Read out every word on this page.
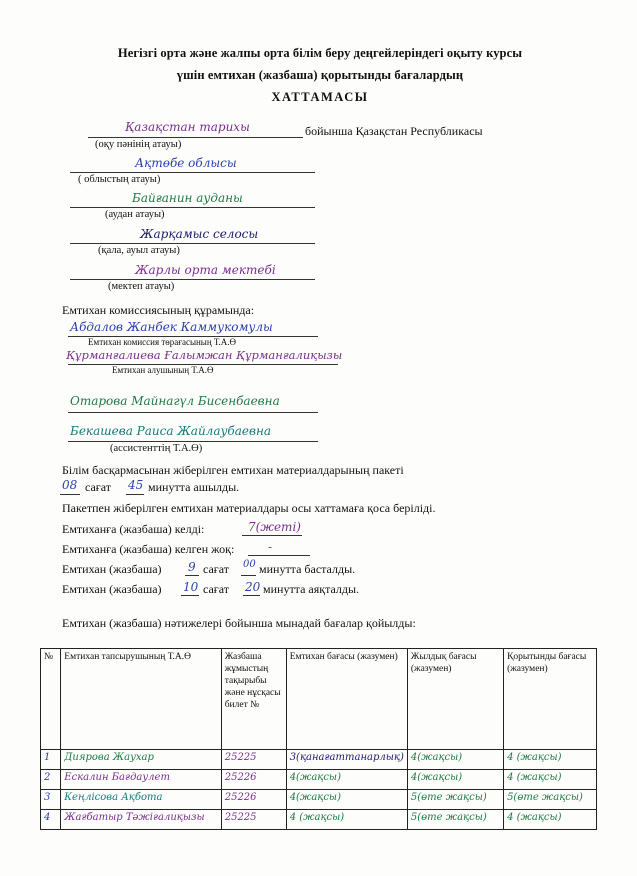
Негізгі орта және жалпы орта білім беру деңгейлеріндегі оқыту курсы
үшін емтихан (жазбаша) қорытынды бағалардың
ХАТТАМАСЫ
Қазақстан тарихы	бойынша Қазақстан Республикасы
(оқу пәнінің атауы)
Ақтөбе облысы
( облыстың атауы)
Байғанин ауданы
(аудан атауы)
Жарқамыс селосы
(қала, ауыл атауы)
Жарлы орта мектебі
(мектеп атауы)
Емтихан комиссиясының құрамында:
Абдалов Жанбек Каммукомулы
Емтихан комиссия төрағасының Т.А.Ө
Құрманғалиева Ғалымжан Құрманғалиқызы
Емтихан алушының Т.А.Ө
Отарова Майнагүл Бисенбаевна
Бекашева Раиса Жайлаубаевна
(ассистенттің Т.А.Ө)
Білім басқармасынан жіберілген емтихан материалдарының пакеті
08 сағат 45 минутта ашылды.
Пакетпен жіберілген емтихан материалдары осы хаттамаға қоса беріліді.
Емтиханға (жазбаша) келді:	7(жеті)
Емтиханға (жазбаша) келген жоқ:	-
Емтихан (жазбаша) 9 сағат 00 минутта басталды.
Емтихан (жазбаша) 10 сағат 20 минутта аяқталды.
Емтихан (жазбаша) нәтижелері бойынша мынадай бағалар қойылды:
№	Емтихан тапсырушының Т.А.Ө	Жазбаша жұмыстың тақырыбы және нұсқасы билет №	Емтихан бағасы (жазумен)	Жылдық бағасы (жазумен)	Қорытынды бағасы (жазумен)
1	Диярова Жаухар	25225	3(қанағаттанарлық)	4(жақсы)	4 (жақсы)
2	Ескалин Бағдаулет	25226	4(жақсы)	4(жақсы)	4 (жақсы)
3	Кеңлісова Ақбота	25226	4(жақсы)	5(өте жақсы)	5(өте жақсы)
4	Жағбатыр Тәжіғалиқызы	25225	4 (жақсы)	5(өте жақсы)	4 (жақсы)
